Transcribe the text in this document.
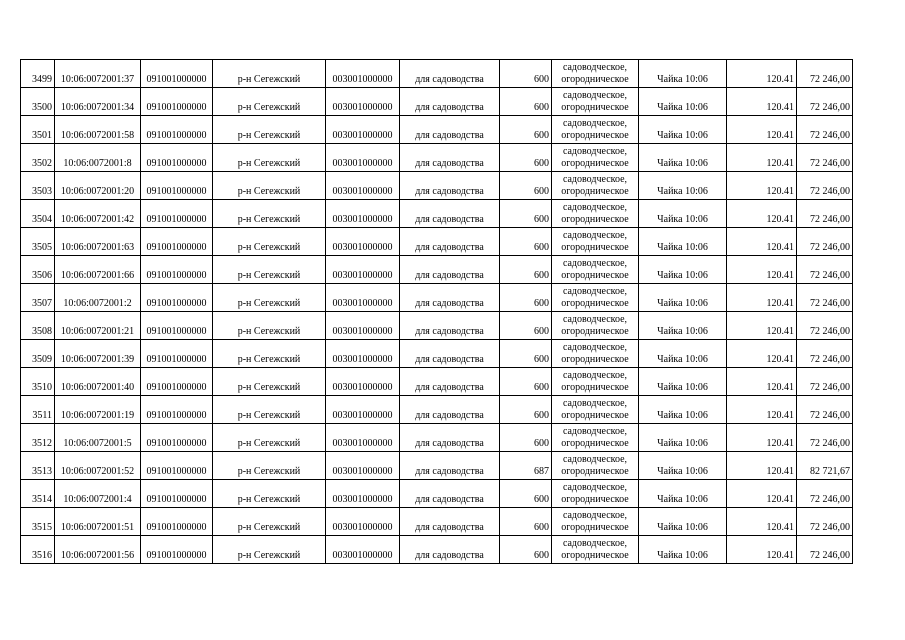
3499	10:06:0072001:37	091001000000	р-н Сегежский	003001000000	для садоводства	600	садоводческое,
огородническое	Чайка 10:06	120.41	72 246,00
3500	10:06:0072001:34	091001000000	р-н Сегежский	003001000000	для садоводства	600	садоводческое,
огородническое	Чайка 10:06	120.41	72 246,00
3501	10:06:0072001:58	091001000000	р-н Сегежский	003001000000	для садоводства	600	садоводческое,
огородническое	Чайка 10:06	120.41	72 246,00
3502	10:06:0072001:8	091001000000	р-н Сегежский	003001000000	для садоводства	600	садоводческое,
огородническое	Чайка 10:06	120.41	72 246,00
3503	10:06:0072001:20	091001000000	р-н Сегежский	003001000000	для садоводства	600	садоводческое,
огородническое	Чайка 10:06	120.41	72 246,00
3504	10:06:0072001:42	091001000000	р-н Сегежский	003001000000	для садоводства	600	садоводческое,
огородническое	Чайка 10:06	120.41	72 246,00
3505	10:06:0072001:63	091001000000	р-н Сегежский	003001000000	для садоводства	600	садоводческое,
огородническое	Чайка 10:06	120.41	72 246,00
3506	10:06:0072001:66	091001000000	р-н Сегежский	003001000000	для садоводства	600	садоводческое,
огородническое	Чайка 10:06	120.41	72 246,00
3507	10:06:0072001:2	091001000000	р-н Сегежский	003001000000	для садоводства	600	садоводческое,
огородническое	Чайка 10:06	120.41	72 246,00
3508	10:06:0072001:21	091001000000	р-н Сегежский	003001000000	для садоводства	600	садоводческое,
огородническое	Чайка 10:06	120.41	72 246,00
3509	10:06:0072001:39	091001000000	р-н Сегежский	003001000000	для садоводства	600	садоводческое,
огородническое	Чайка 10:06	120.41	72 246,00
3510	10:06:0072001:40	091001000000	р-н Сегежский	003001000000	для садоводства	600	садоводческое,
огородническое	Чайка 10:06	120.41	72 246,00
3511	10:06:0072001:19	091001000000	р-н Сегежский	003001000000	для садоводства	600	садоводческое,
огородническое	Чайка 10:06	120.41	72 246,00
3512	10:06:0072001:5	091001000000	р-н Сегежский	003001000000	для садоводства	600	садоводческое,
огородническое	Чайка 10:06	120.41	72 246,00
3513	10:06:0072001:52	091001000000	р-н Сегежский	003001000000	для садоводства	687	садоводческое,
огородническое	Чайка 10:06	120.41	82 721,67
3514	10:06:0072001:4	091001000000	р-н Сегежский	003001000000	для садоводства	600	садоводческое,
огородническое	Чайка 10:06	120.41	72 246,00
3515	10:06:0072001:51	091001000000	р-н Сегежский	003001000000	для садоводства	600	садоводческое,
огородническое	Чайка 10:06	120.41	72 246,00
3516	10:06:0072001:56	091001000000	р-н Сегежский	003001000000	для садоводства	600	садоводческое,
огородническое	Чайка 10:06	120.41	72 246,00
